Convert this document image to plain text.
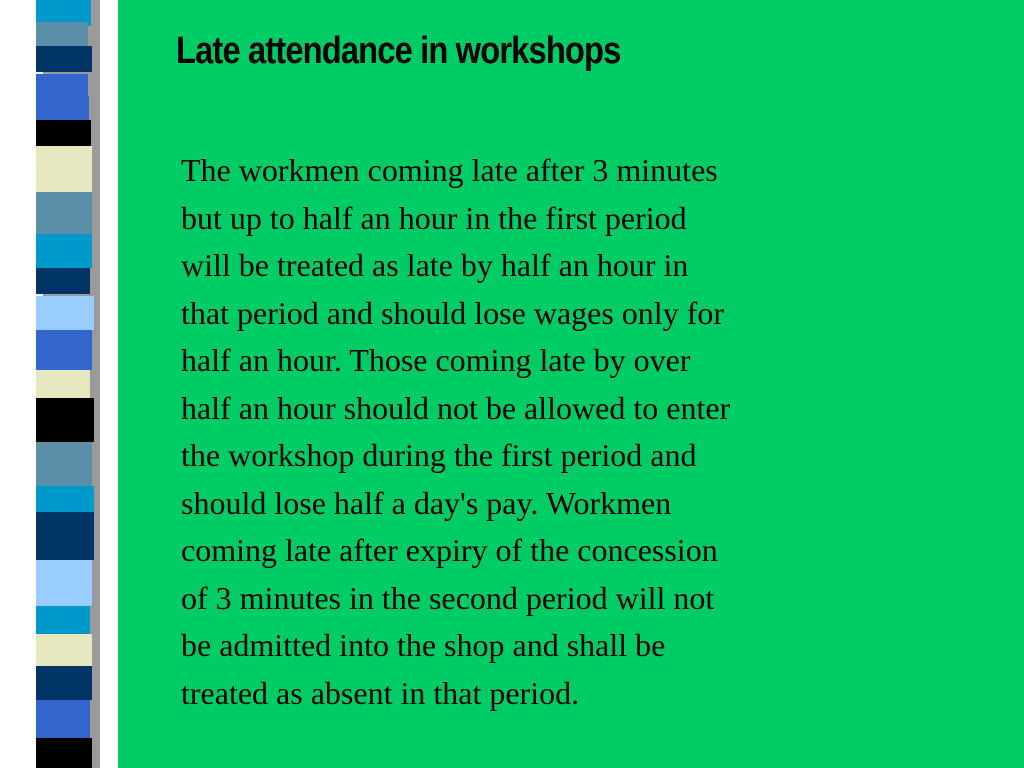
Late attendance in workshops
The workmen coming late after 3 minutes
but up to half an hour in the first period
will be treated as late by half an hour in
that period and should lose wages only for
half an hour. Those coming late by over
half an hour should not be allowed to enter
the workshop during the first period and
should lose half a day's pay. Workmen
coming late after expiry of the concession
of 3 minutes in the second period will not
be admitted into the shop and shall be
treated as absent in that period.
